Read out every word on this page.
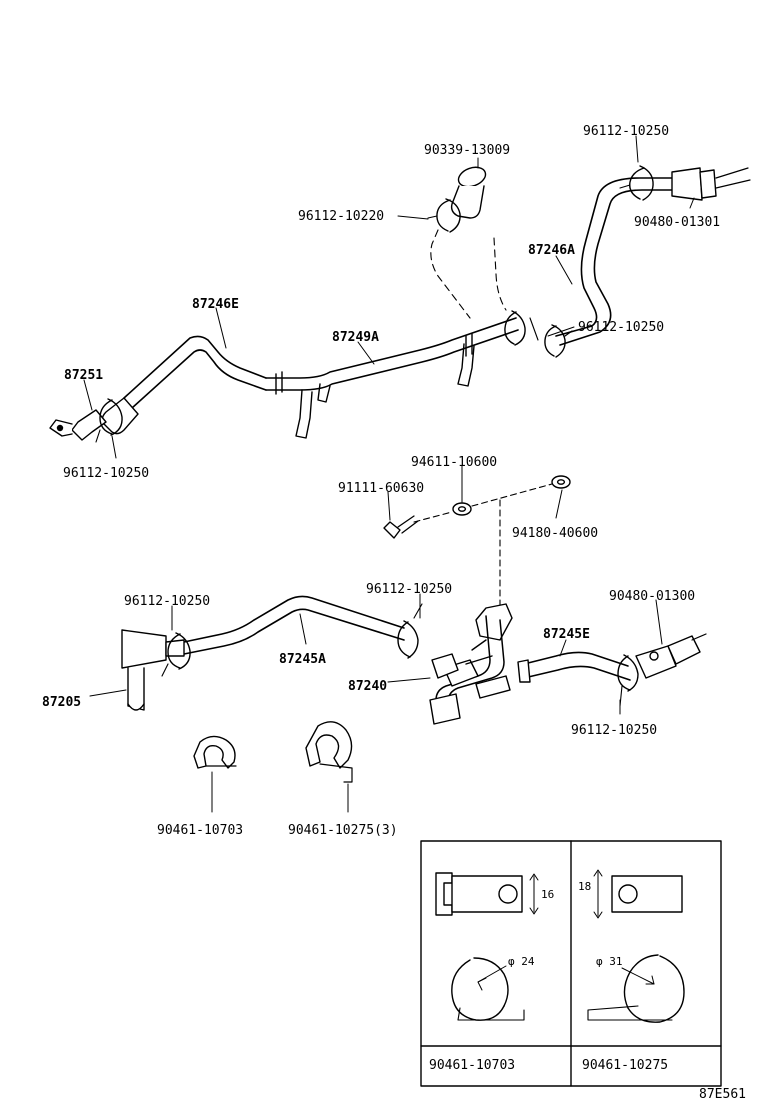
90339-13009
96112-10250
96112-10220	90480-01301
87246A
87246E
96112-10250
87249A
87251
96112-10250
94611-10600
91111-60630
94180-40600
96112-10250
96112-10250	90480-01300
87245E
87245A
87240
87205
96112-10250
90461-10703	90461-10275(3)
16
φ 24
18
φ 31
90461-10703	90461-10275
87E561
